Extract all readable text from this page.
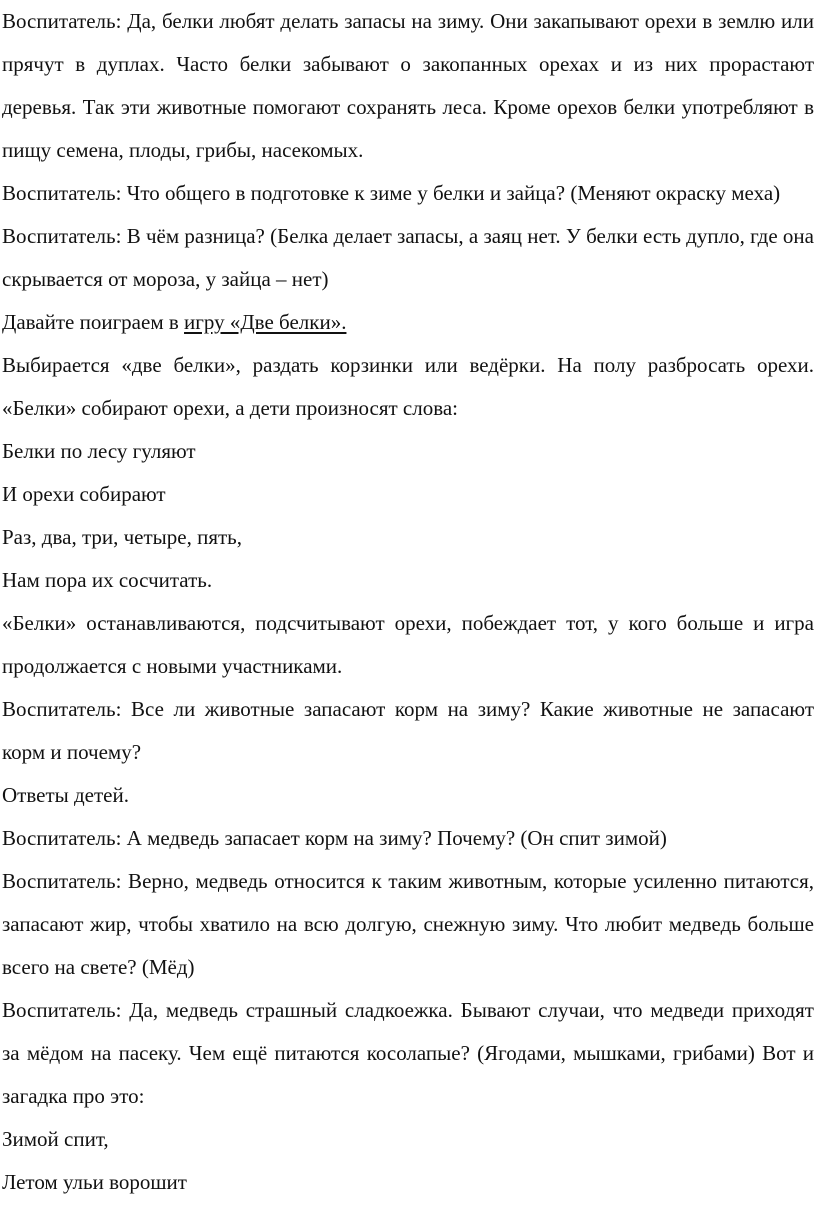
Воспитатель: Да, белки любят делать запасы на зиму. Они закапывают орехи в землю или прячут в дуплах. Часто белки забывают о закопанных орехах и из них прорастают деревья. Так эти животные помогают сохранять леса. Кроме орехов белки употребляют в пищу семена, плоды, грибы, насекомых.

Воспитатель: Что общего в подготовке к зиме у белки и зайца? (Меняют окраску меха)

Воспитатель: В чём разница? (Белка делает запасы, а заяц нет. У белки есть дупло, где она скрывается от мороза, у зайца – нет)

Давайте поиграем в игру «Две белки».

Выбирается «две белки», раздать корзинки или ведёрки. На полу разбросать орехи. «Белки» собирают орехи, а дети произносят слова:

Белки по лесу гуляют

И орехи собирают

Раз, два, три, четыре, пять,

Нам пора их сосчитать.

«Белки» останавливаются, подсчитывают орехи, побеждает тот, у кого больше и игра продолжается с новыми участниками.

Воспитатель: Все ли животные запасают корм на зиму? Какие животные не запасают корм и почему?

Ответы детей.

Воспитатель: А медведь запасает корм на зиму? Почему? (Он спит зимой)

Воспитатель: Верно, медведь относится к таким животным, которые усиленно питаются, запасают жир, чтобы хватило на всю долгую, снежную зиму. Что любит медведь больше всего на свете? (Мёд)

Воспитатель: Да, медведь страшный сладкоежка. Бывают случаи, что медведи приходят за мёдом на пасеку. Чем ещё питаются косолапые? (Ягодами, мышками, грибами) Вот и загадка про это:

Зимой спит,

Летом ульи ворошит
